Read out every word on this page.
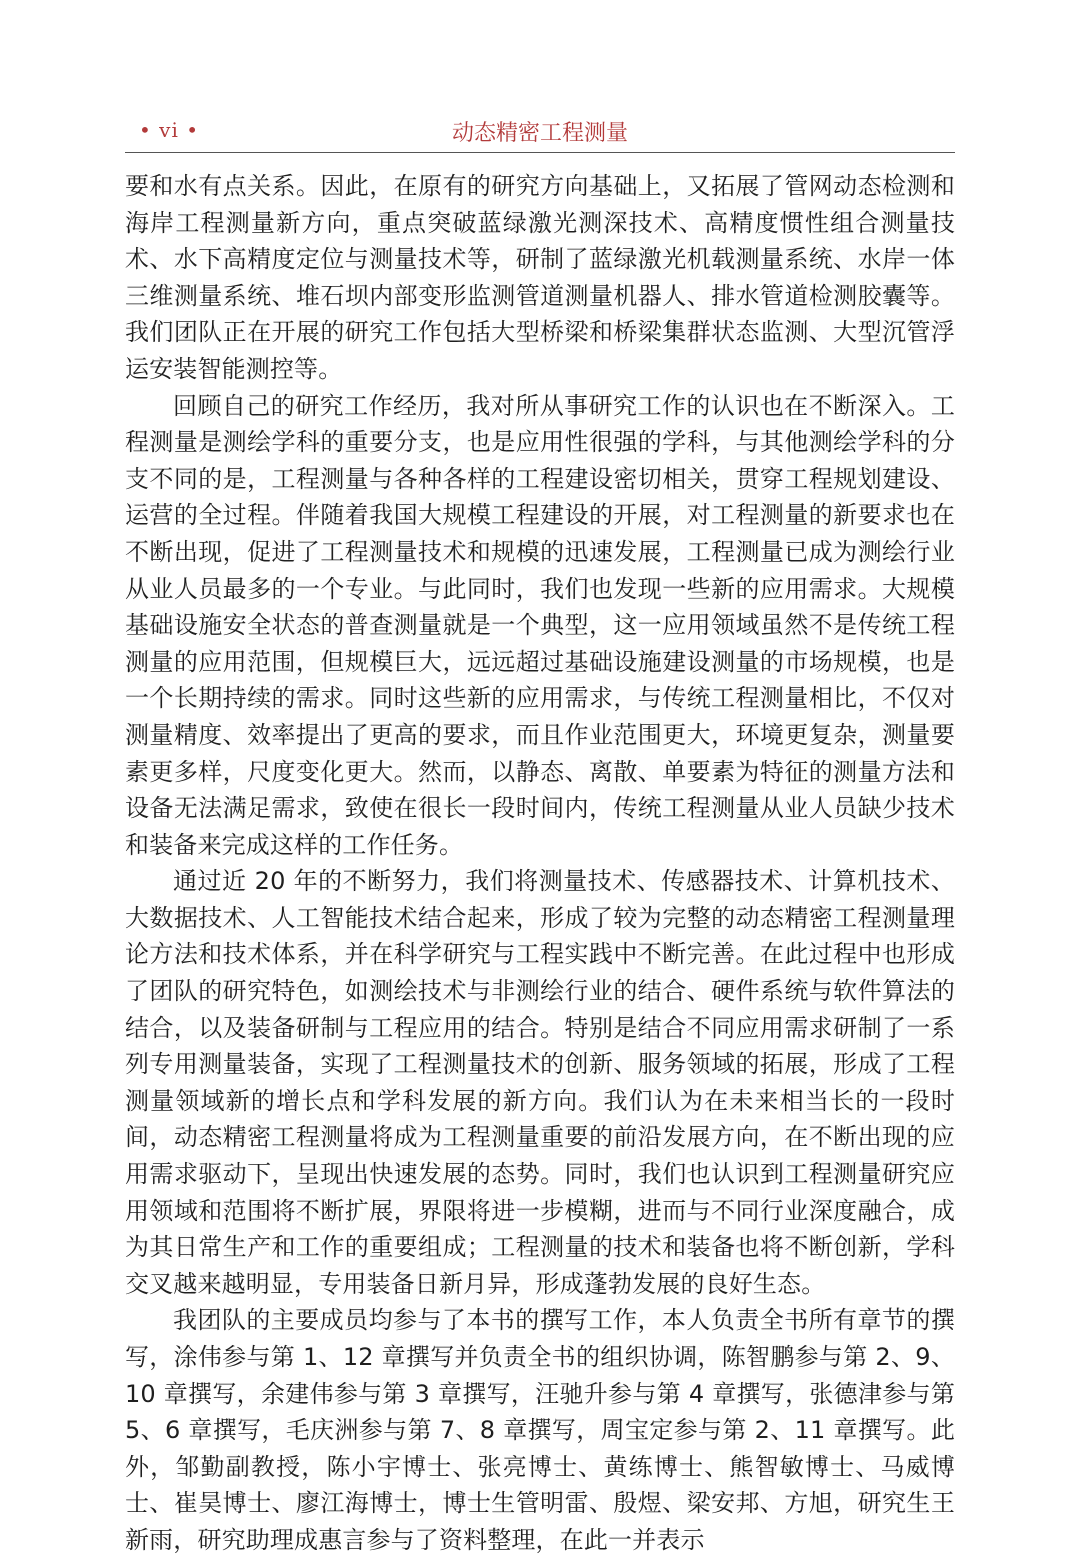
• vi •	动态精密工程测量

要和水有点关系。因此，在原有的研究方向基础上，又拓展了管网动态检测和海岸工程测量新方向，重点突破蓝绿激光测深技术、高精度惯性组合测量技术、水下高精度定位与测量技术等，研制了蓝绿激光机载测量系统、水岸一体三维测量系统、堆石坝内部变形监测管道测量机器人、排水管道检测胶囊等。我们团队正在开展的研究工作包括大型桥梁和桥梁集群状态监测、大型沉管浮运安装智能测控等。

回顾自己的研究工作经历，我对所从事研究工作的认识也在不断深入。工程测量是测绘学科的重要分支，也是应用性很强的学科，与其他测绘学科的分支不同的是，工程测量与各种各样的工程建设密切相关，贯穿工程规划建设、运营的全过程。伴随着我国大规模工程建设的开展，对工程测量的新要求也在不断出现，促进了工程测量技术和规模的迅速发展，工程测量已成为测绘行业从业人员最多的一个专业。与此同时，我们也发现一些新的应用需求。大规模基础设施安全状态的普查测量就是一个典型，这一应用领域虽然不是传统工程测量的应用范围，但规模巨大，远远超过基础设施建设测量的市场规模，也是一个长期持续的需求。同时这些新的应用需求，与传统工程测量相比，不仅对测量精度、效率提出了更高的要求，而且作业范围更大，环境更复杂，测量要素更多样，尺度变化更大。然而，以静态、离散、单要素为特征的测量方法和设备无法满足需求，致使在很长一段时间内，传统工程测量从业人员缺少技术和装备来完成这样的工作任务。

通过近 20 年的不断努力，我们将测量技术、传感器技术、计算机技术、大数据技术、人工智能技术结合起来，形成了较为完整的动态精密工程测量理论方法和技术体系，并在科学研究与工程实践中不断完善。在此过程中也形成了团队的研究特色，如测绘技术与非测绘行业的结合、硬件系统与软件算法的结合，以及装备研制与工程应用的结合。特别是结合不同应用需求研制了一系列专用测量装备，实现了工程测量技术的创新、服务领域的拓展，形成了工程测量领域新的增长点和学科发展的新方向。我们认为在未来相当长的一段时间，动态精密工程测量将成为工程测量重要的前沿发展方向，在不断出现的应用需求驱动下，呈现出快速发展的态势。同时，我们也认识到工程测量研究应用领域和范围将不断扩展，界限将进一步模糊，进而与不同行业深度融合，成为其日常生产和工作的重要组成；工程测量的技术和装备也将不断创新，学科交叉越来越明显，专用装备日新月异，形成蓬勃发展的良好生态。

我团队的主要成员均参与了本书的撰写工作，本人负责全书所有章节的撰写，涂伟参与第 1、12 章撰写并负责全书的组织协调，陈智鹏参与第 2、9、10 章撰写，余建伟参与第 3 章撰写，汪驰升参与第 4 章撰写，张德津参与第 5、6 章撰写，毛庆洲参与第 7、8 章撰写，周宝定参与第 2、11 章撰写。此外，邹勤副教授，陈小宇博士、张亮博士、黄练博士、熊智敏博士、马威博士、崔昊博士、廖江海博士，博士生管明雷、殷煜、梁安邦、方旭，研究生王新雨，研究助理成惠言参与了资料整理，在此一并表示
